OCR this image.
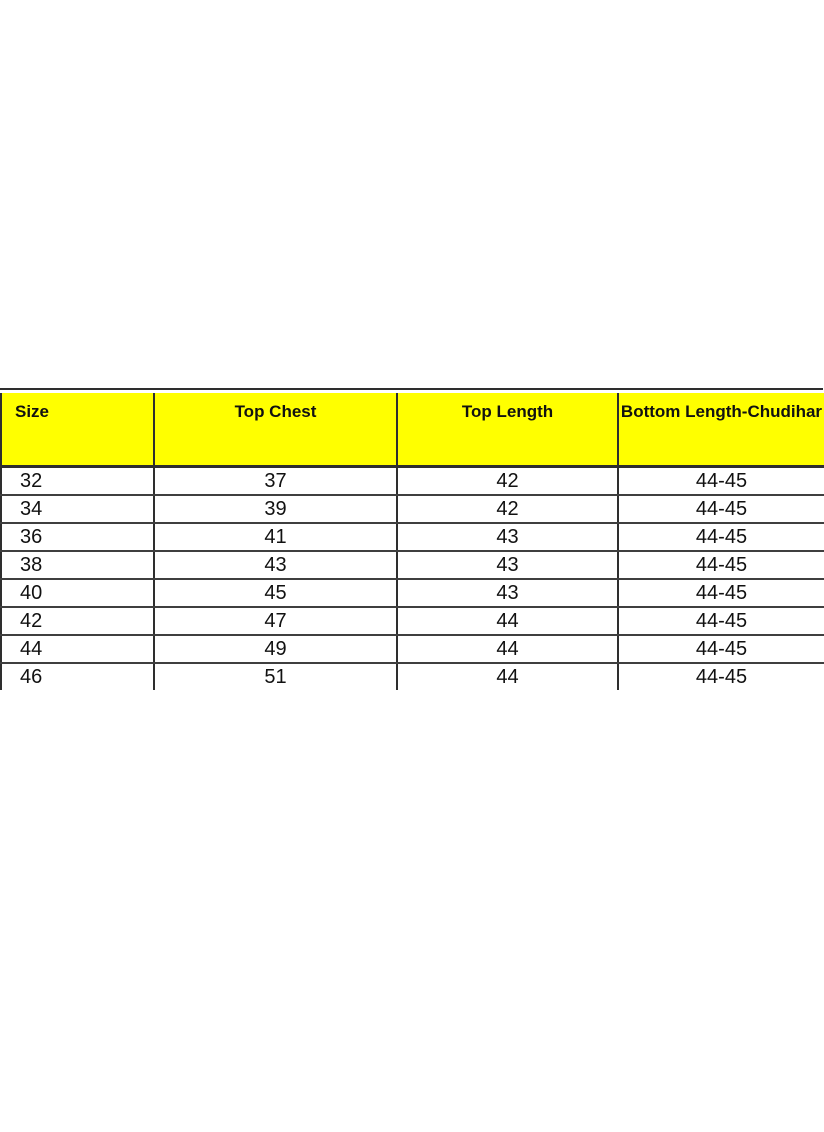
Size	Top Chest	Top Length	Bottom Length-Chudihar
32	37	42	44-45
34	39	42	44-45
36	41	43	44-45
38	43	43	44-45
40	45	43	44-45
42	47	44	44-45
44	49	44	44-45
46	51	44	44-45
